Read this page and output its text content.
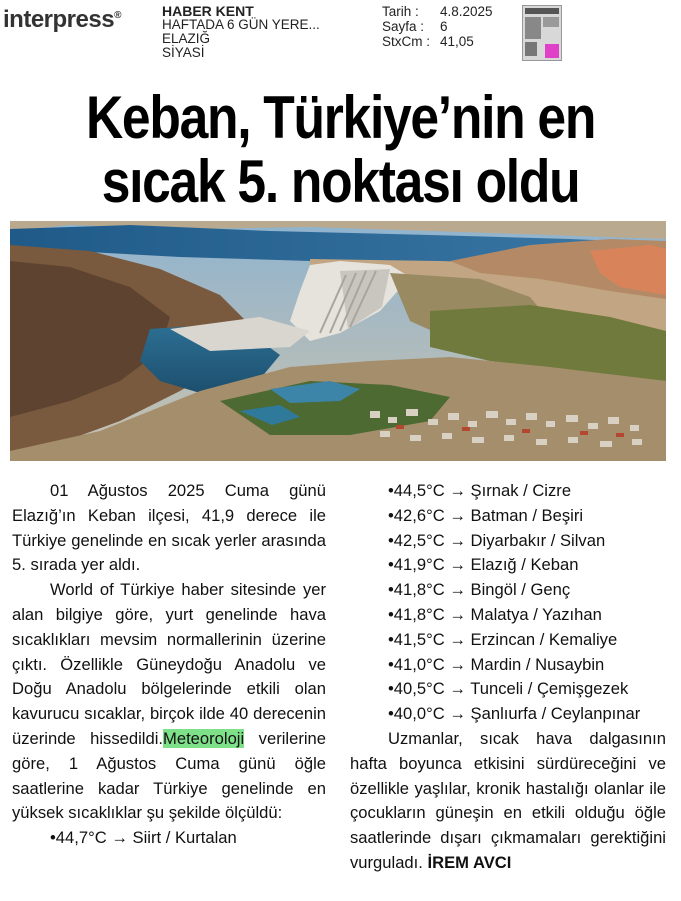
interpress®	HABER KENT
HAFTADA 6 GÜN YERE...
ELAZIĞ
SİYASİ
Tarih :	4.8.2025
Sayfa :	6
StxCm : 41,05
Keban, Türkiye’nin en
sıcak 5. noktası oldu

01 Ağustos 2025 Cuma günü Elazığ’ın Keban ilçesi, 41,9 derece ile Türkiye genelinde en sıcak yerler arasında 5. sırada yer aldı.

World of Türkiye haber sitesinde yer alan bilgiye göre, yurt genelinde hava sıcaklıkları mevsim normallerinin üzerine çıktı. Özellikle Güneydoğu Anadolu ve Doğu Anadolu bölgelerinde etkili olan kavurucu sıcaklar, birçok ilde 40 derecenin üzerinde hissedildi.Meteoroloji verilerine göre, 1 Ağustos Cuma günü öğle saatlerine kadar Türkiye genelinde en yüksek sıcaklıklar şu şekilde ölçüldü:

•44,7°C → Siirt / Kurtalan
•44,5°C → Şırnak / Cizre
•42,6°C → Batman / Beşiri
•42,5°C → Diyarbakır / Silvan
•41,9°C → Elazığ / Keban
•41,8°C → Bingöl / Genç
•41,8°C → Malatya / Yazıhan
•41,5°C → Erzincan / Kemaliye
•41,0°C → Mardin / Nusaybin
•40,5°C → Tunceli / Çemişgezek
•40,0°C → Şanlıurfa / Ceylanpınar

Uzmanlar, sıcak hava dalgasının hafta boyunca etkisini sürdüreceğini ve özellikle yaşlılar, kronik hastalığı olanlar ile çocukların güneşin en etkili olduğu öğle saatlerinde dışarı çıkmamaları gerektiğini vurguladı. İREM AVCI
